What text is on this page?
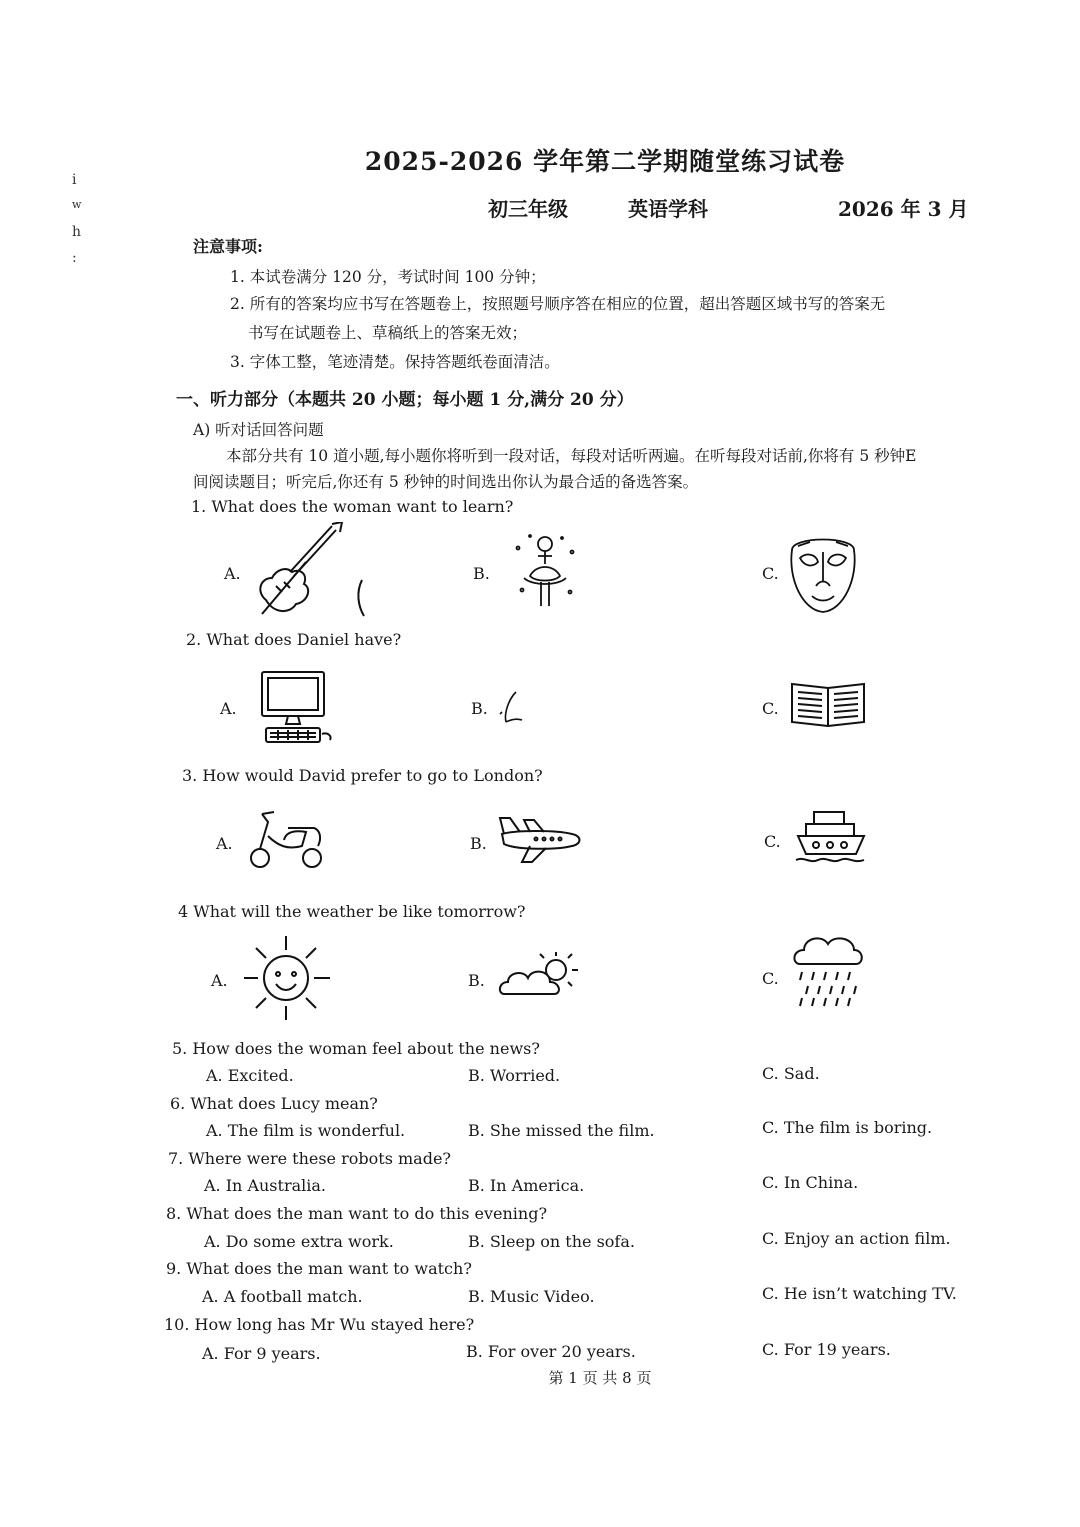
i
w
h
:
2025-2026 学年第二学期随堂练习试卷
初三年级	英语学科	2026 年 3 月
注意事项:
1. 本试卷满分 120 分，考试时间 100 分钟；
2. 所有的答案均应书写在答题卷上，按照题号顺序答在相应的位置，超出答题区域书写的答案无
书写在试题卷上、草稿纸上的答案无效；
3. 字体工整，笔迹清楚。保持答题纸卷面清洁。
一、听力部分（本题共 20 小题；每小题 1 分,满分 20 分）
A) 听对话回答问题
本部分共有 10 道小题,每小题你将听到一段对话，每段对话听两遍。在听每段对话前,你将有 5 秒钟E
间阅读题目；听完后,你还有 5 秒钟的时间选出你认为最合适的备选答案。
1. What does the woman want to learn?
A.	B.	C.
2. What does Daniel have?
A.	B.	C.
3. How would David prefer to go to London?
A.	B.	C.
4 What will the weather be like tomorrow?
A.	B.	C.
5. How does the woman feel about the news?
A. Excited.	B. Worried.	C. Sad.
6. What does Lucy mean?
A. The film is wonderful.	B. She missed the film.	C. The film is boring.
7. Where were these robots made?
A. In Australia.	B. In America.	C. In China.
8. What does the man want to do this evening?
A. Do some extra work.	B. Sleep on the sofa.	C. Enjoy an action film.
9. What does the man want to watch?
A. A football match.	B. Music Video.	C. He isn’t watching TV.
10. How long has Mr Wu stayed here?
A. For 9 years.	B. For over 20 years.	C. For 19 years.
第 1 页 共 8 页
